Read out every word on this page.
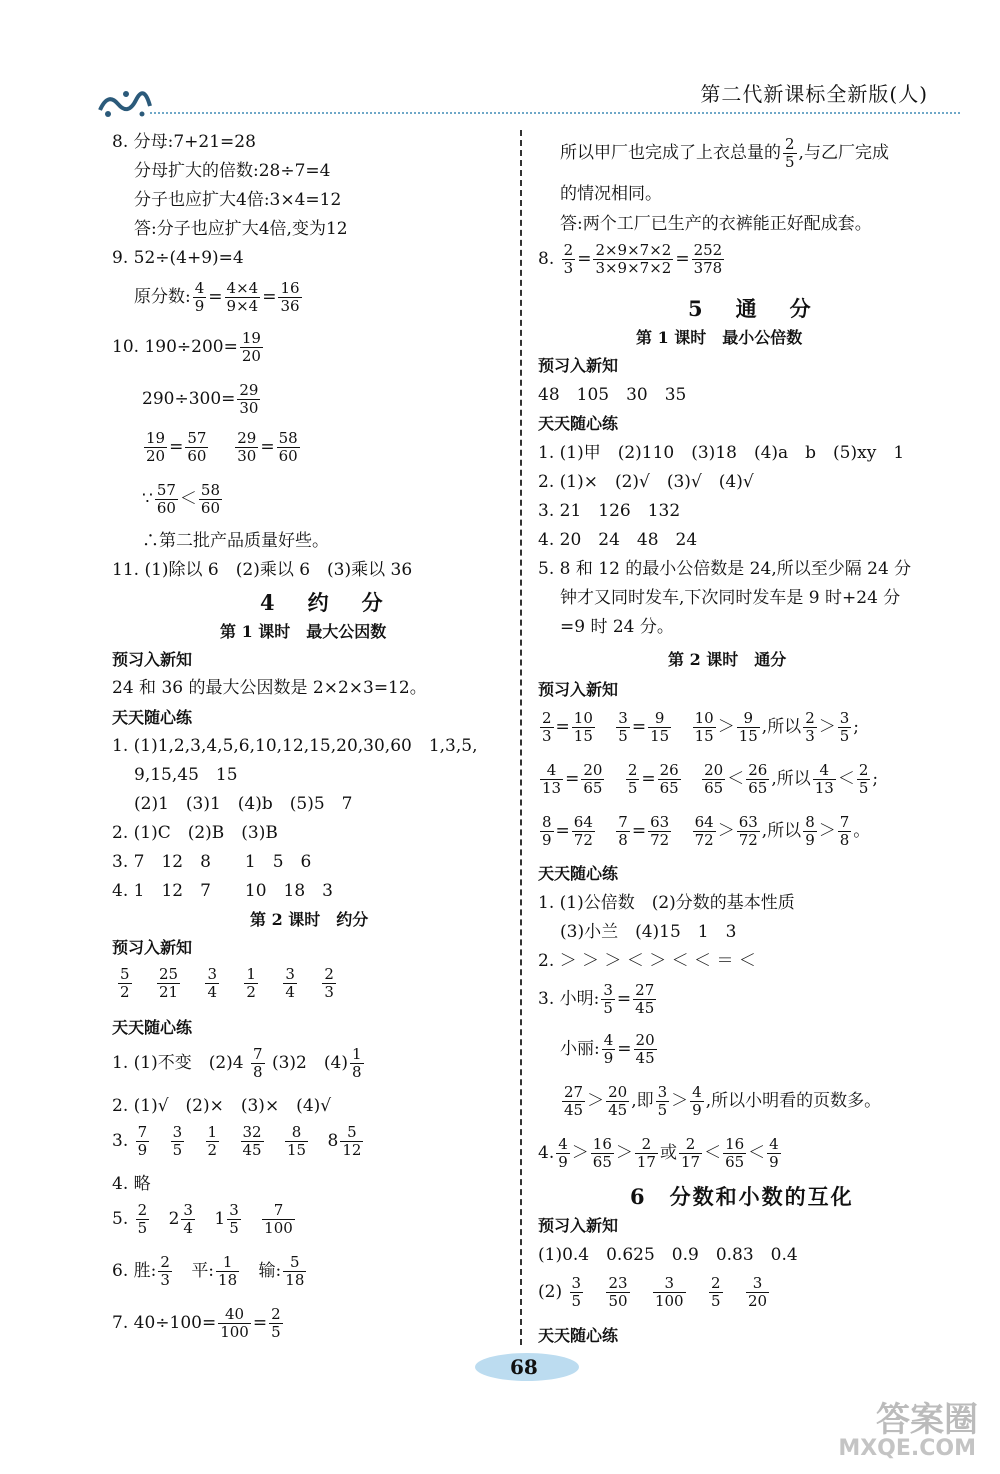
第二代新课标全新版(人)
8. 分母:7+21=28
分母扩大的倍数:28÷7=4
分子也应扩大4倍:3×4=12
答:分子也应扩大4倍,变为12
9. 52÷(4+9)=4
原分数: $\frac{4}{9} = \frac{4\times 4}{9\times 4} = \frac{16}{36}$
10. $190\div 200= \frac{19}{20}$
$290\div 300= \frac{29}{30}$
$\frac{19}{20} = \frac{57}{60}$
$\frac{29}{30} = \frac{58}{60}$
∵ $\frac{57}{60} < \frac{58}{60}$
∴第二批产品质量好些。
11. (1)除以 6　(2)乘以 6　(3)乘以 36
4　约　分
第 1 课时　最大公因数
预习入新知
24 和 36 的最大公因数是 2×2×3=12。
天天随心练
1. (1)1,2,3,4,5,6,10,12,15,20,30,60　1,3,5,
9,15,45　15
(2)1　(3)1　(4)b　(5)5　7
2. (1)C　(2)B　(3)B
3. 7　12　8　　1　5　6
4. 1　12　7　　10　18　3
第 2 课时　约分
预习入新知
$\frac{5}{2}$
$\frac{25}{21}$
$\frac{3}{4}$
$\frac{1}{2}$
$\frac{3}{4}$
$\frac{2}{3}$
天天随心练
1. (1)不变　$(2)4 \frac{7}{8} (3)2$　$(4) \frac{1}{8}$
2. (1)√　(2)×　(3)×　(4)√
3. $\frac{7}{9}$
$\frac{3}{5}$
$\frac{1}{2}$
$\frac{32}{45}$
$\frac{8}{15} 8 \frac{5}{12}$
4. 略
5. $\frac{2}{5} 2 \frac{3}{4} 1 \frac{3}{5}$
$\frac{7}{100}$
6. 胜: $\frac{2}{3}$ 平: $\frac{1}{18}$ 输: $\frac{5}{18}$
7. $40\div 100= \frac{40}{100} = \frac{2}{5}$
所以甲厂也完成了上衣总量的 $\frac{2}{5}$ ,与乙厂完成
的情况相同。
答:两个工厂已生产的衣裤能正好配成套。
8. $\frac{2}{3} = \frac{2\times 9\times 7\times 2}{3\times 9\times 7\times 2} = \frac{252}{378}$
5　通　分
第 1 课时　最小公倍数
预习入新知
48　105　30　35
天天随心练
1. (1)甲　(2)110　(3)18　(4)a　b　(5)xy　1
2. (1)×　(2)√　(3)√　(4)√
3. 21　126　132
4. 20　24　48　24
5. 8 和 12 的最小公倍数是 24,所以至少隔 24 分
钟才又同时发车,下次同时发车是 9 时+24 分
=9 时 24 分。
第 2 课时　通分
预习入新知
$\frac{2}{3} = \frac{10}{15}$
$\frac{3}{5} = \frac{9}{15}$
$\frac{10}{15} > \frac{9}{15}$ ,所以 $\frac{2}{3} > \frac{3}{5}$ ;
$\frac{4}{13} = \frac{20}{65}$
$\frac{2}{5} = \frac{26}{65}$
$\frac{20}{65} < \frac{26}{65}$ ,所以 $\frac{4}{13} < \frac{2}{5}$ ;
$\frac{8}{9} = \frac{64}{72}$
$\frac{7}{8} = \frac{63}{72}$
$\frac{64}{72} > \frac{63}{72}$ ,所以 $\frac{8}{9} > \frac{7}{8}$ 。
天天随心练
1. (1)公倍数　(2)分数的基本性质
(3)小兰　(4)15　1　3
2. ＞ ＞ ＞ ＜ ＞ ＜ ＜ ＝ ＜
3. 小明: $\frac{3}{5} = \frac{27}{45}$
小丽: $\frac{4}{9} = \frac{20}{45}$
$\frac{27}{45} > \frac{20}{45}$ ,即 $\frac{3}{5} > \frac{4}{9}$ ,所以小明看的页数多。
4. $\frac{4}{9} > \frac{16}{65} > \frac{2}{17}$ 或 $\frac{2}{17} < \frac{16}{65} < \frac{4}{9}$
6　分数和小数的互化
预习入新知
(1)0.4　0.625　0.9　0.83　0.4
$(2) \frac{3}{5}$
$\frac{23}{50}$
$\frac{3}{100}$
$\frac{2}{5}$
$\frac{3}{20}$
天天随心练
68
答案圈
MXQE.COM
